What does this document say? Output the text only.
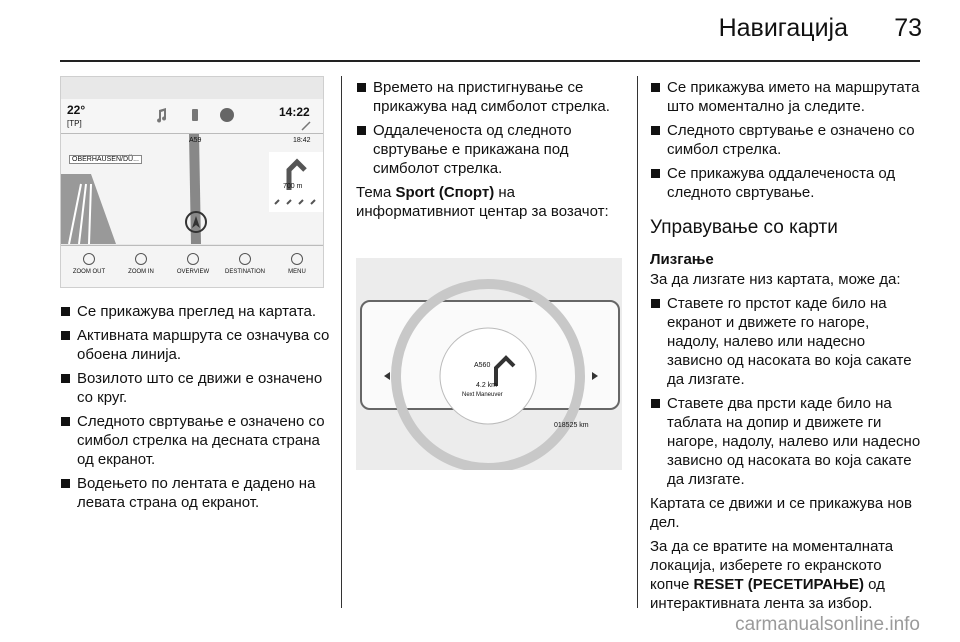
Навигација 73
22°
[TP]
14:22
OBERHAUSEN/DÜ...
A59	18:42
700 m
ZOOM OUT	ZOOM IN	OVERVIEW	DESTINATION	MENU
Се прикажува преглед на картата.
Активната маршрута се означува со обоена линија.
Возилото што се движи е означено со круг.
Следното свртување е означено со симбол стрелка на десната страна од екранот.
Водењето по лентата е дадено на левата страна од екранот.
Времето на пристигнување се прикажува над симболот стрелка.
Оддалеченоста од следното свртување е прикажана под симболот стрелка.
Тема Sport (Спорт) на информативниот центар за возачот:
A560
4.2 km
Next Maneuver
018525 km
Се прикажува името на маршрутата што моментално ја следите.
Следното свртување е означено со симбол стрелка.
Се прикажува оддалеченоста од следното свртување.
Управување со карти
Лизгање
За да лизгате низ картата, може да:
Ставете го прстот каде било на екранот и движете го нагоре, надолу, налево или надесно зависно од насоката во која сакате да лизгате.
Ставете два прсти каде било на таблата на допир и движете ги нагоре, надолу, налево или надесно зависно од насоката во која сакате да лизгате.
Картата се движи и се прикажува нов дел.
За да се вратите на моменталната локација, изберете го екранското копче RESET (РЕСЕТИРАЊЕ) од интерактивната лента за избор.
carmanualsonline.info
